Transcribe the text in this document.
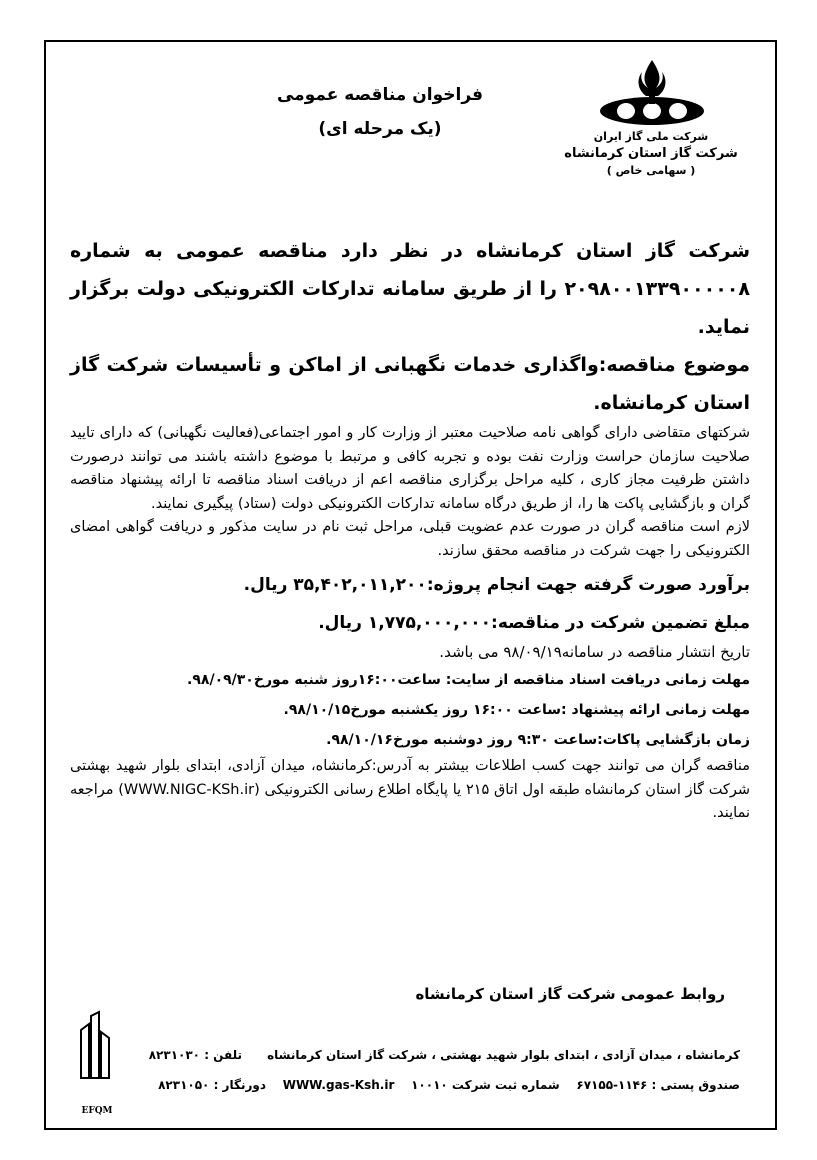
فراخوان مناقصه عمومی
(یک مرحله ای)	شرکت ملی گاز ایران
شرکت گاز استان کرمانشاه
( سهامی خاص )

شرکت گاز استان کرمانشاه در نظر دارد مناقصه عمومی به شماره ۲۰۹۸۰۰۱۳۳۹۰۰۰۰۰۸ را از طریق سامانه تدارکات الکترونیکی دولت برگزار نماید.

موضوع مناقصه:واگذاری خدمات نگهبانی از اماکن و تأسیسات شرکت گاز استان کرمانشاه.

شرکتهای متقاضی دارای گواهی نامه صلاحیت معتبر از وزارت کار و امور اجتماعی(فعالیت نگهبانی) که دارای تایید صلاحیت سازمان حراست وزارت نفت بوده و تجربه کافی و مرتبط با موضوع داشته باشند می توانند درصورت داشتن ظرفیت مجاز کاری ، کلیه مراحل برگزاری مناقصه اعم از دریافت اسناد مناقصه تا ارائه پیشنهاد مناقصه گران و بازگشایی پاکت ها را، از طریق درگاه سامانه تدارکات الکترونیکی دولت (ستاد) پیگیری نمایند.

لازم است مناقصه گران در صورت عدم عضویت قبلی، مراحل ثبت نام در سایت مذکور و دریافت گواهی امضای الکترونیکی را جهت شرکت در مناقصه محقق سازند.

برآورد صورت گرفته جهت انجام پروژه:۳۵,۴۰۲,۰۱۱,۲۰۰ ریال.

مبلغ تضمین شرکت در مناقصه:۱,۷۷۵,۰۰۰,۰۰۰ ریال.

تاریخ انتشار مناقصه در سامانه۹۸/۰۹/۱۹ می باشد.

مهلت زمانی دریافت اسناد مناقصه از سایت: ساعت۱۶:۰۰روز شنبه مورخ۹۸/۰۹/۳۰.

مهلت زمانی ارائه پیشنهاد :ساعت ۱۶:۰۰ روز یکشنبه مورخ۹۸/۱۰/۱۵.

زمان بازگشایی پاکات:ساعت ۹:۳۰ روز دوشنبه مورخ۹۸/۱۰/۱۶.

مناقصه گران می توانند جهت کسب اطلاعات بیشتر به آدرس:کرمانشاه، میدان آزادی، ابتدای بلوار شهید بهشتی شرکت گاز استان کرمانشاه طبقه اول اتاق ۲۱۵ یا پایگاه اطلاع رسانی الکترونیکی (WWW.NIGC-KSh.ir) مراجعه نمایند.

روابط عمومی شرکت گاز استان کرمانشاه
EFQM
کرمانشاه ، میدان آزادی ، ابتدای بلوار شهید بهشتی ، شرکت گاز استان کرمانشاه      تلفن : ۸۲۳۱۰۳۰
صندوق پستی : ۱۱۴۶-۶۷۱۵۵    شماره ثبت شرکت ۱۰۰۱۰    WWW.gas-Ksh.ir    دورنگار : ۸۲۳۱۰۵۰
